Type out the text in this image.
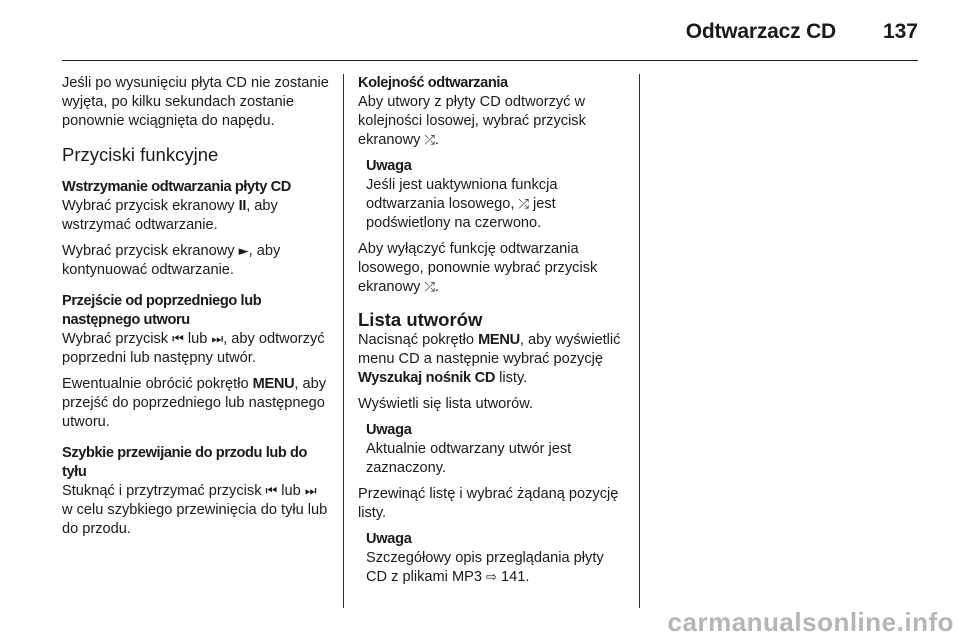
Odtwarzacz CD 137

Jeśli po wysunięciu płyta CD nie zostanie wyjęta, po kilku sekundach zostanie ponownie wciągnięta do napędu.

Przyciski funkcyjne
Wstrzymanie odtwarzania płyty CD

Wybrać przycisk ekranowy II, aby wstrzymać odtwarzanie.

Wybrać przycisk ekranowy ►, aby kontynuować odtwarzanie.

Przejście od poprzedniego lub następnego utworu

Wybrać przycisk ⏮ lub ⏭, aby odtworzyć poprzedni lub następny utwór.

Ewentualnie obrócić pokrętło MENU, aby przejść do poprzedniego lub następnego utworu.

Szybkie przewijanie do przodu lub do tyłu

Stuknąć i przytrzymać przycisk ⏮ lub ⏭ w celu szybkiego przewinięcia do tyłu lub do przodu.

Kolejność odtwarzania

Aby utwory z płyty CD odtworzyć w kolejności losowej, wybrać przycisk ekranowy ⤮.

Uwaga
Jeśli jest uaktywniona funkcja odtwarzania losowego, ⤮ jest podświetlony na czerwono.

Aby wyłączyć funkcję odtwarzania losowego, ponownie wybrać przycisk ekranowy ⤮.

Lista utworów

Nacisnąć pokrętło MENU, aby wyświetlić menu CD a następnie wybrać pozycję Wyszukaj nośnik CD listy.

Wyświetli się lista utworów.

Uwaga
Aktualnie odtwarzany utwór jest zaznaczony.

Przewinąć listę i wybrać żądaną pozycję listy.

Uwaga
Szczegółowy opis przeglądania płyty CD z plikami MP3 ⇨ 141.
carmanualsonline.info
